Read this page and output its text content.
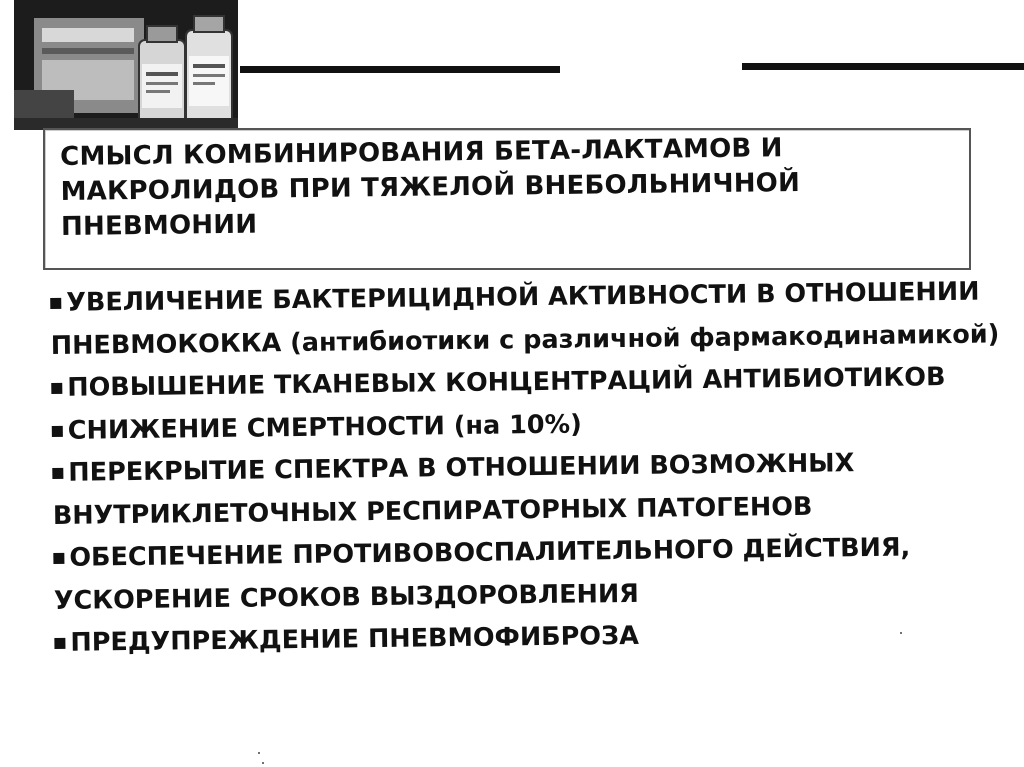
СМЫСЛ КОМБИНИРОВАНИЯ БЕТА-ЛАКТАМОВ И МАКРОЛИДОВ ПРИ ТЯЖЕЛОЙ ВНЕБОЛЬНИЧНОЙ ПНЕВМОНИИ
УВЕЛИЧЕНИЕ БАКТЕРИЦИДНОЙ АКТИВНОСТИ В ОТНОШЕНИИ
ПНЕВМОКОККА (антибиотики с различной фармакодинамикой)
ПОВЫШЕНИЕ ТКАНЕВЫХ КОНЦЕНТРАЦИЙ АНТИБИОТИКОВ
СНИЖЕНИЕ СМЕРТНОСТИ (на 10%)
ПЕРЕКРЫТИЕ СПЕКТРА В ОТНОШЕНИИ ВОЗМОЖНЫХ
ВНУТРИКЛЕТОЧНЫХ РЕСПИРАТОРНЫХ ПАТОГЕНОВ
ОБЕСПЕЧЕНИЕ ПРОТИВОВОСПАЛИТЕЛЬНОГО ДЕЙСТВИЯ,
УСКОРЕНИЕ СРОКОВ ВЫЗДОРОВЛЕНИЯ
ПРЕДУПРЕЖДЕНИЕ ПНЕВМОФИБРОЗА
